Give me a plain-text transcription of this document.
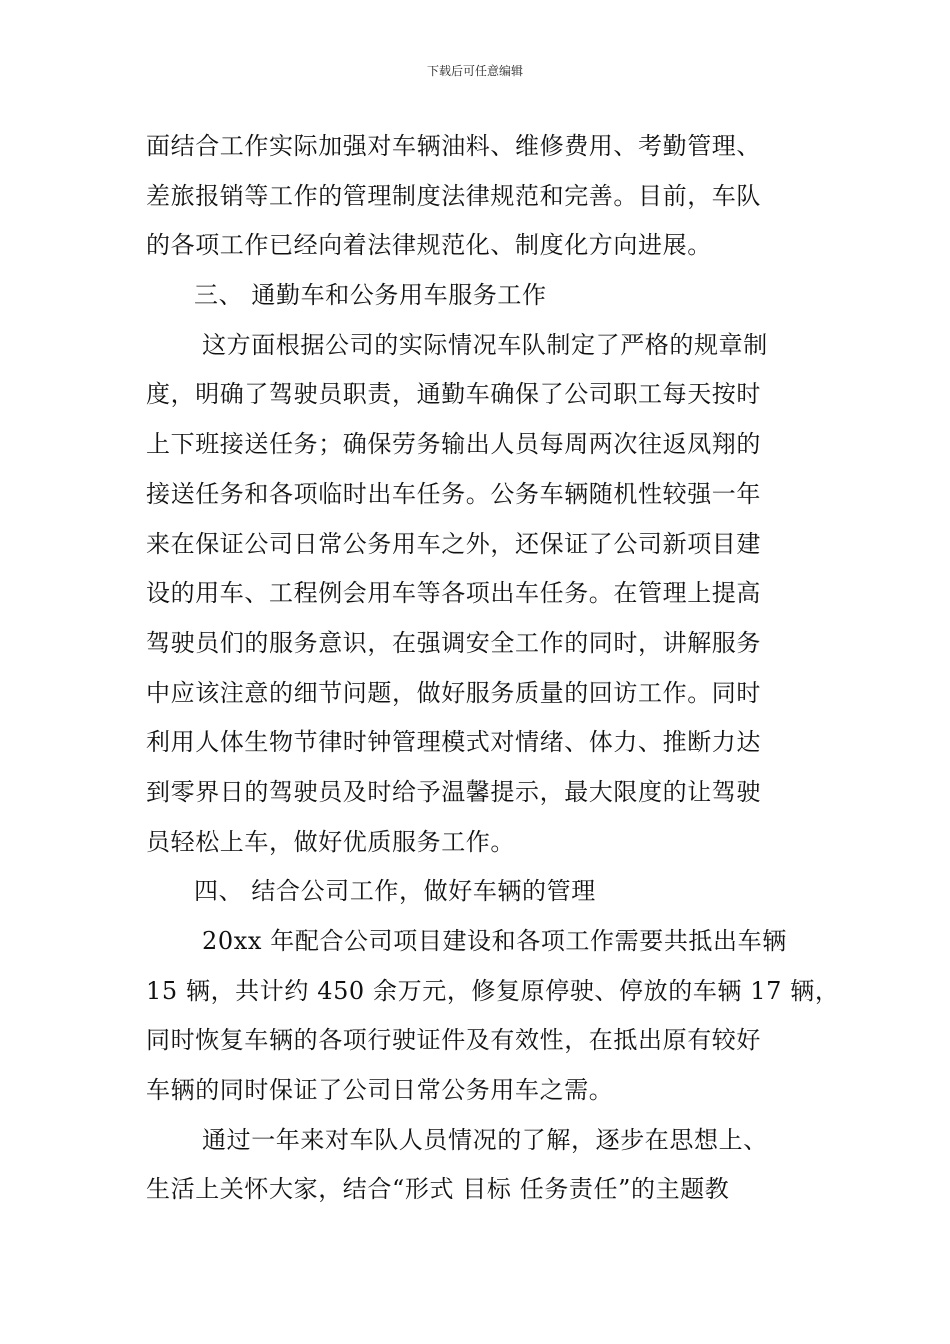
下载后可任意编辑
面结合工作实际加强对车辆油料、维修费用、考勤管理、
差旅报销等工作的管理制度法律规范和完善。目前，车队
的各项工作已经向着法律规范化、制度化方向进展。
三、 通勤车和公务用车服务工作
这方面根据公司的实际情况车队制定了严格的规章制
度，明确了驾驶员职责，通勤车确保了公司职工每天按时
上下班接送任务；确保劳务输出人员每周两次往返凤翔的
接送任务和各项临时出车任务。公务车辆随机性较强一年
来在保证公司日常公务用车之外，还保证了公司新项目建
设的用车、工程例会用车等各项出车任务。在管理上提高
驾驶员们的服务意识，在强调安全工作的同时，讲解服务
中应该注意的细节问题，做好服务质量的回访工作。同时
利用人体生物节律时钟管理模式对情绪、体力、推断力达
到零界日的驾驶员及时给予温馨提示，最大限度的让驾驶
员轻松上车，做好优质服务工作。
四、 结合公司工作，做好车辆的管理
20xx 年配合公司项目建设和各项工作需要共抵出车辆
15 辆，共计约 450 余万元，修复原停驶、停放的车辆 17 辆，
同时恢复车辆的各项行驶证件及有效性，在抵出原有较好
车辆的同时保证了公司日常公务用车之需。
通过一年来对车队人员情况的了解，逐步在思想上、
生活上关怀大家，结合“形式 目标 任务责任”的主题教
